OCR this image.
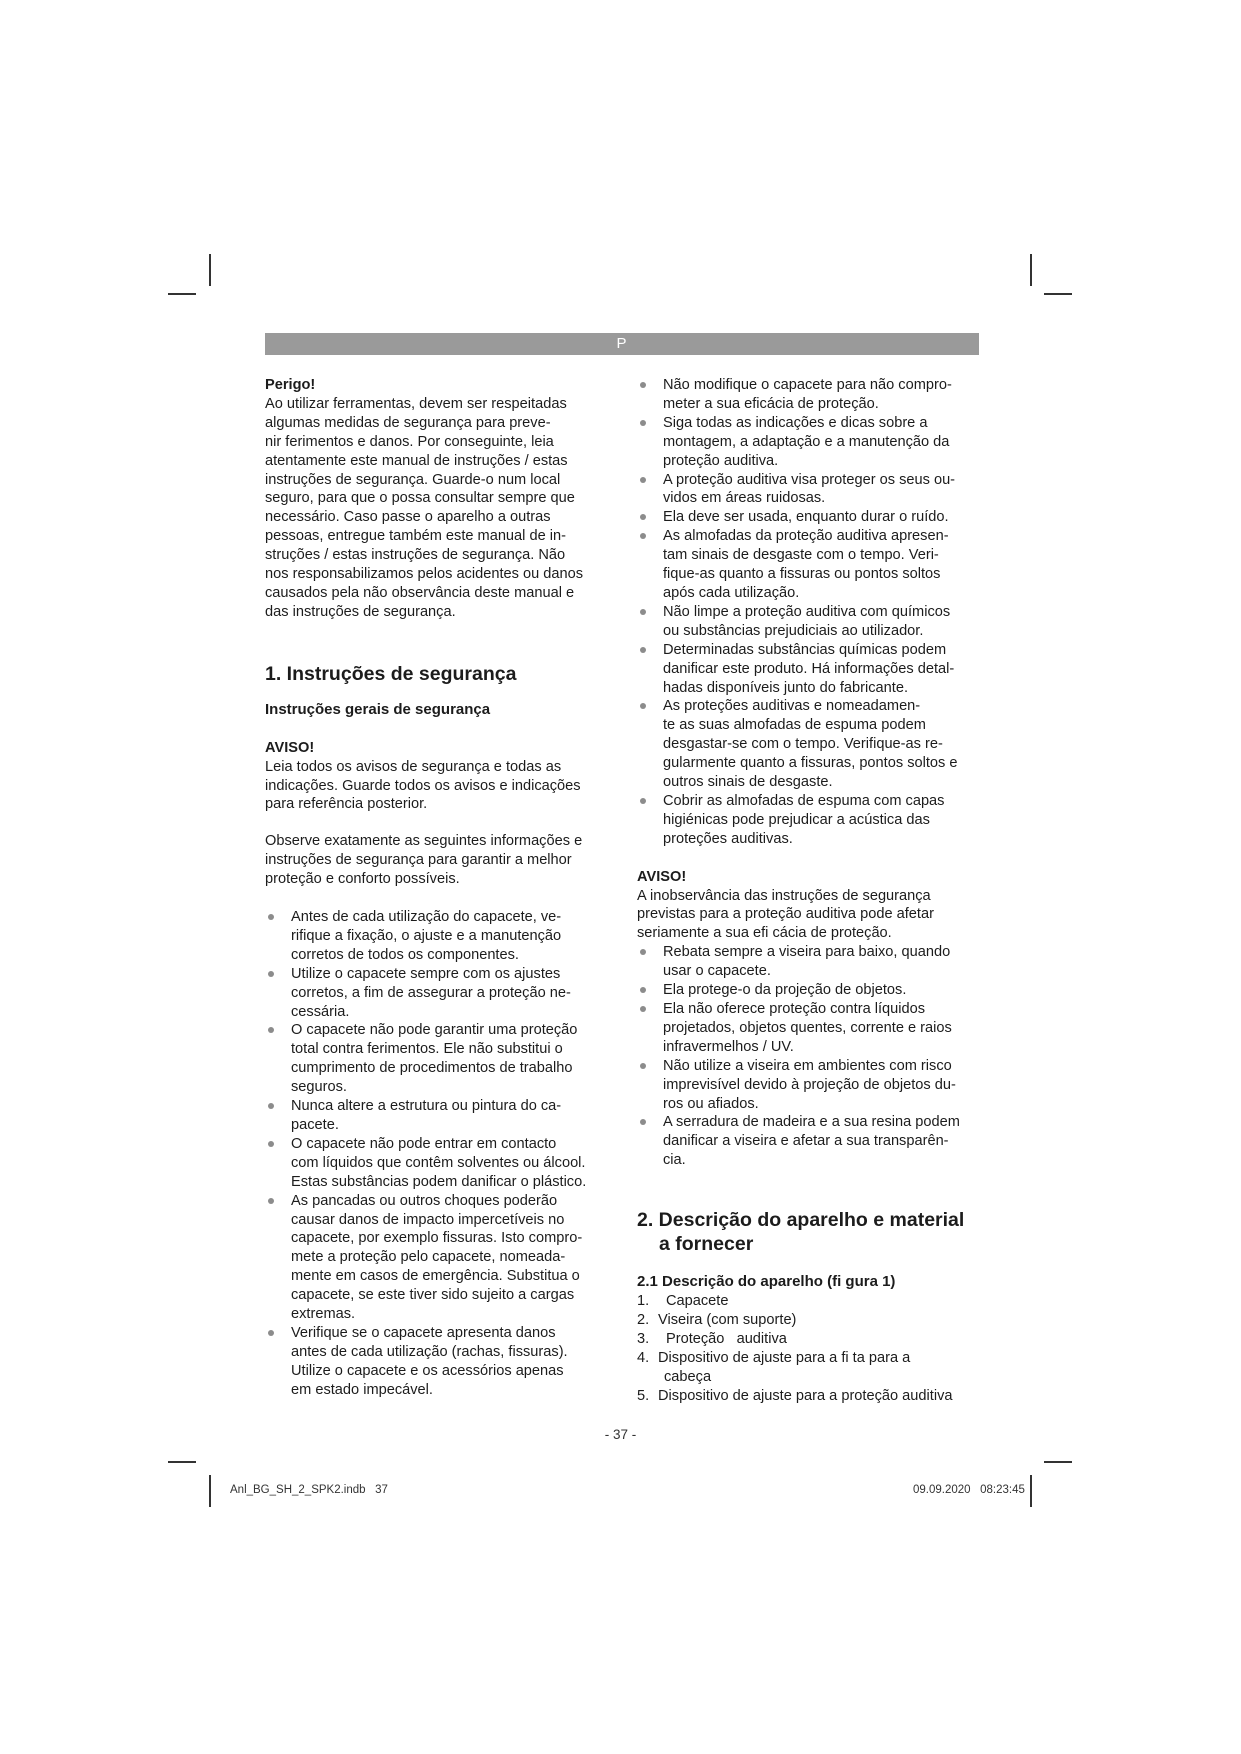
P

Perigo!

Ao utilizar ferramentas, devem ser respeitadas

algumas medidas de segurança para preve-

nir ferimentos e danos. Por conseguinte, leia

atentamente este manual de instruções / estas

instruções de segurança. Guarde-o num local

seguro, para que o possa consultar sempre que

necessário. Caso passe o aparelho a outras

pessoas, entregue também este manual de in-

struções / estas instruções de segurança. Não

nos responsabilizamos pelos acidentes ou danos

causados pela não observância deste manual e

das instruções de segurança.

1. Instruções de segurança

Instruções gerais de segurança

AVISO!

Leia todos os avisos de segurança e todas as

indicações. Guarde todos os avisos e indicações

para referência posterior.

Observe exatamente as seguintes informações e

instruções de segurança para garantir a melhor

proteção e conforto possíveis.

Antes de cada utilização do capacete, ve-

rifique a fixação, o ajuste e a manutenção

corretos de todos os componentes.

Utilize o capacete sempre com os ajustes

corretos, a fim de assegurar a proteção ne-

cessária.

O capacete não pode garantir uma proteção

total contra ferimentos. Ele não substitui o

cumprimento de procedimentos de trabalho

seguros.

Nunca altere a estrutura ou pintura do ca-

pacete.

O capacete não pode entrar em contacto

com líquidos que contêm solventes ou álcool.

Estas substâncias podem danificar o plástico.

As pancadas ou outros choques poderão

causar danos de impacto impercetíveis no

capacete, por exemplo fissuras. Isto compro-

mete a proteção pelo capacete, nomeada-

mente em casos de emergência. Substitua o

capacete, se este tiver sido sujeito a cargas

extremas.

Verifique se o capacete apresenta danos

antes de cada utilização (rachas, fissuras).

Utilize o capacete e os acessórios apenas

em estado impecável.

Não modifique o capacete para não compro-

meter a sua eficácia de proteção.

Siga todas as indicações e dicas sobre a

montagem, a adaptação e a manutenção da

proteção auditiva.

A proteção auditiva visa proteger os seus ou-

vidos em áreas ruidosas.

Ela deve ser usada, enquanto durar o ruído.

As almofadas da proteção auditiva apresen-

tam sinais de desgaste com o tempo. Veri-

fique-as quanto a fissuras ou pontos soltos

após cada utilização.

Não limpe a proteção auditiva com químicos

ou substâncias prejudiciais ao utilizador.

Determinadas substâncias químicas podem

danificar este produto. Há informações detal-

hadas disponíveis junto do fabricante.

As proteções auditivas e nomeadamen-

te as suas almofadas de espuma podem

desgastar-se com o tempo. Verifique-as re-

gularmente quanto a fissuras, pontos soltos e

outros sinais de desgaste.

Cobrir as almofadas de espuma com capas

higiénicas pode prejudicar a acústica das

proteções auditivas.

AVISO!

A inobservância das instruções de segurança

previstas para a proteção auditiva pode afetar

seriamente a sua efi cácia de proteção.

Rebata sempre a viseira para baixo, quando

usar o capacete.

Ela protege-o da projeção de objetos.

Ela não oferece proteção contra líquidos

projetados, objetos quentes, corrente e raios

infravermelhos / UV.

Não utilize a viseira em ambientes com risco

imprevisível devido à projeção de objetos du-

ros ou afiados.

A serradura de madeira e a sua resina podem

danificar a viseira e afetar a sua transparên-

cia.

2. Descrição do aparelho e material

a fornecer

2.1 Descrição do aparelho (fi gura 1)

1.	Capacete

2. Viseira (com suporte)

3.	Proteção   auditiva

4. Dispositivo de ajuste para a fi ta para a

cabeça

5. Dispositivo de ajuste para a proteção auditiva

- 37 -
Anl_BG_SH_2_SPK2.indb   37	09.09.2020   08:23:45
